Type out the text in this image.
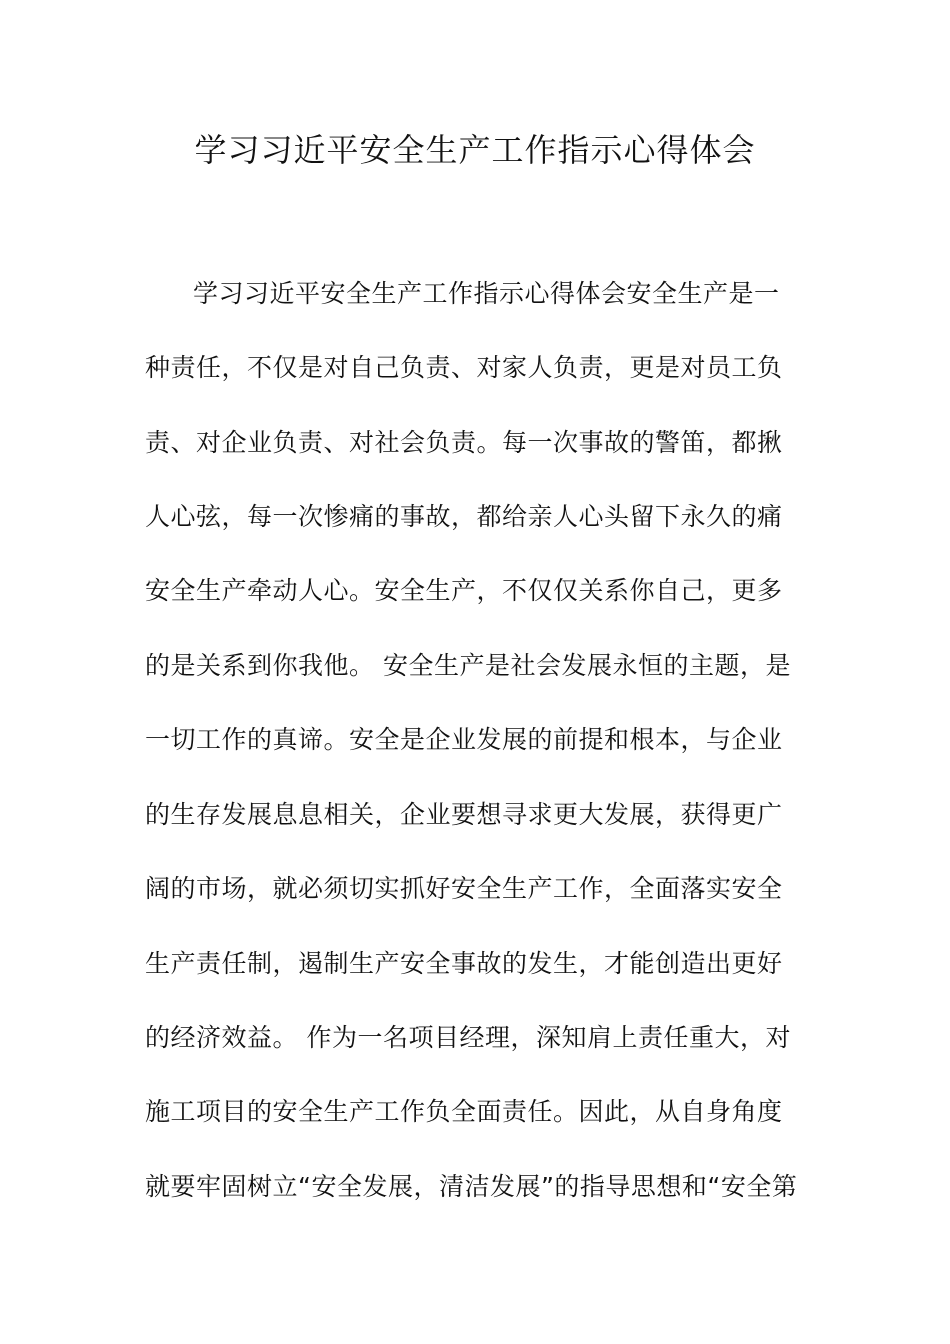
学习习近平安全生产工作指示心得体会
学习习近平安全生产工作指示心得体会安全生产是一
种责任，不仅是对自己负责、对家人负责，更是对员工负
责、对企业负责、对社会负责。每一次事故的警笛，都揪
人心弦，每一次惨痛的事故，都给亲人心头留下永久的痛
安全生产牵动人心。安全生产，不仅仅关系你自己，更多
的是关系到你我他。 安全生产是社会发展永恒的主题，是
一切工作的真谛。安全是企业发展的前提和根本，与企业
的生存发展息息相关，企业要想寻求更大发展，获得更广
阔的市场，就必须切实抓好安全生产工作，全面落实安全
生产责任制，遏制生产安全事故的发生，才能创造出更好
的经济效益。 作为一名项目经理，深知肩上责任重大，对
施工项目的安全生产工作负全面责任。因此，从自身角度
就要牢固树立“安全发展，清洁发展”的指导思想和“安全第
